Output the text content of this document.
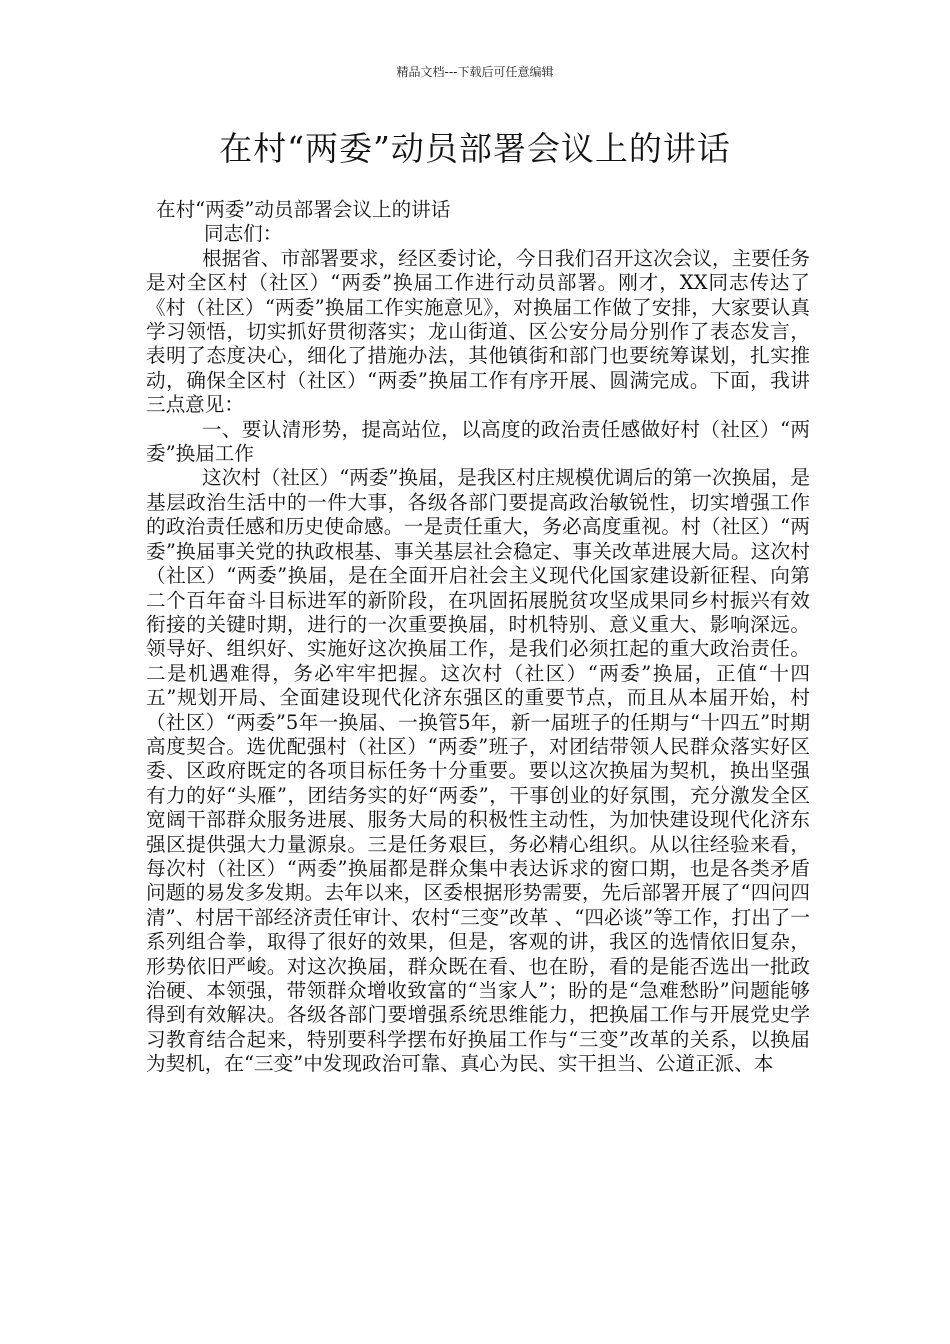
精品文档---下载后可任意编辑
在村“两委”动员部署会议上的讲话

在村“两委”动员部署会议上的讲话

同志们：

根据省、市部署要求，经区委讨论，今日我们召开这次会议，主要任务是对全区村（社区）“两委”换届工作进行动员部署。刚才，XX同志传达了《村（社区）“两委”换届工作实施意见》，对换届工作做了安排，大家要认真学习领悟，切实抓好贯彻落实；龙山街道、区公安分局分别作了表态发言，表明了态度决心，细化了措施办法，其他镇街和部门也要统筹谋划，扎实推动，确保全区村（社区）“两委”换届工作有序开展、圆满完成。下面，我讲三点意见：

一、要认清形势，提高站位，以高度的政治责任感做好村（社区）“两委”换届工作

这次村（社区）“两委”换届，是我区村庄规模优调后的第一次换届，是基层政治生活中的一件大事，各级各部门要提高政治敏锐性，切实增强工作的政治责任感和历史使命感。一是责任重大，务必高度重视。村（社区）“两委”换届事关党的执政根基、事关基层社会稳定、事关改革进展大局。这次村（社区）“两委”换届，是在全面开启社会主义现代化国家建设新征程、向第二个百年奋斗目标进军的新阶段，在巩固拓展脱贫攻坚成果同乡村振兴有效衔接的关键时期，进行的一次重要换届，时机特别、意义重大、影响深远。领导好、组织好、实施好这次换届工作，是我们必须扛起的重大政治责任。二是机遇难得，务必牢牢把握。这次村（社区）“两委”换届，正值“十四五”规划开局、全面建设现代化济东强区的重要节点，而且从本届开始，村（社区）“两委”5年一换届、一换管5年，新一届班子的任期与“十四五”时期高度契合。选优配强村（社区）“两委”班子，对团结带领人民群众落实好区委、区政府既定的各项目标任务十分重要。要以这次换届为契机，换出坚强有力的好“头雁”，团结务实的好“两委”，干事创业的好氛围，充分激发全区宽阔干部群众服务进展、服务大局的积极性主动性，为加快建设现代化济东强区提供强大力量源泉。三是任务艰巨，务必精心组织。从以往经验来看，每次村（社区）“两委”换届都是群众集中表达诉求的窗口期，也是各类矛盾问题的易发多发期。去年以来，区委根据形势需要，先后部署开展了“四问四清”、村居干部经济责任审计、农村“三变”改革 、“四必谈”等工作，打出了一系列组合拳，取得了很好的效果，但是，客观的讲，我区的选情依旧复杂，形势依旧严峻。对这次换届，群众既在看、也在盼，看的是能否选出一批政治硬、本领强，带领群众增收致富的“当家人”；盼的是“急难愁盼”问题能够得到有效解决。各级各部门要增强系统思维能力，把换届工作与开展党史学习教育结合起来，特别要科学摆布好换届工作与“三变”改革的关系，以换届为契机，在“三变”中发现政治可靠、真心为民、实干担当、公道正派、本
